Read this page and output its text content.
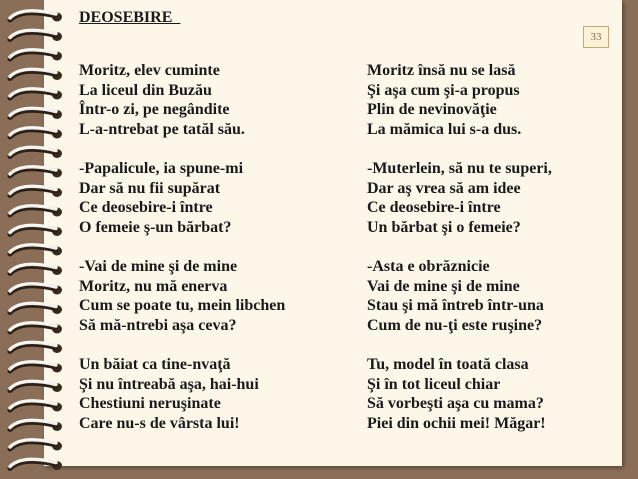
DEOSEBIRE
33
Moritz, elev cuminte
La liceul din Buzău
Într-o zi, pe negândite
L-a-ntrebat pe tatăl său.
-Papalicule, ia spune-mi
Dar să nu fii supărat
Ce deosebire-i între
O femeie ş-un bărbat?
-Vai de mine şi de mine
Moritz, nu mă enerva
Cum se poate tu, mein libchen
Să mă-ntrebi aşa ceva?
Un băiat ca tine-nvaţă
Şi nu întreabă aşa, hai-hui
Chestiuni neruşinate
Care nu-s de vârsta lui!
Moritz însă nu se lasă
Şi aşa cum şi-a propus
Plin de nevinovăţie
La mămica lui s-a dus.
-Muterlein, să nu te superi,
Dar aş vrea să am idee
Ce deosebire-i între
Un bărbat şi o femeie?
-Asta e obrăznicie
Vai de mine şi de mine
Stau şi mă întreb într-una
Cum de nu-ţi este ruşine?
Tu, model în toată clasa
Şi în tot liceul chiar
Să vorbeşti aşa cu mama?
Piei din ochii mei! Măgar!
